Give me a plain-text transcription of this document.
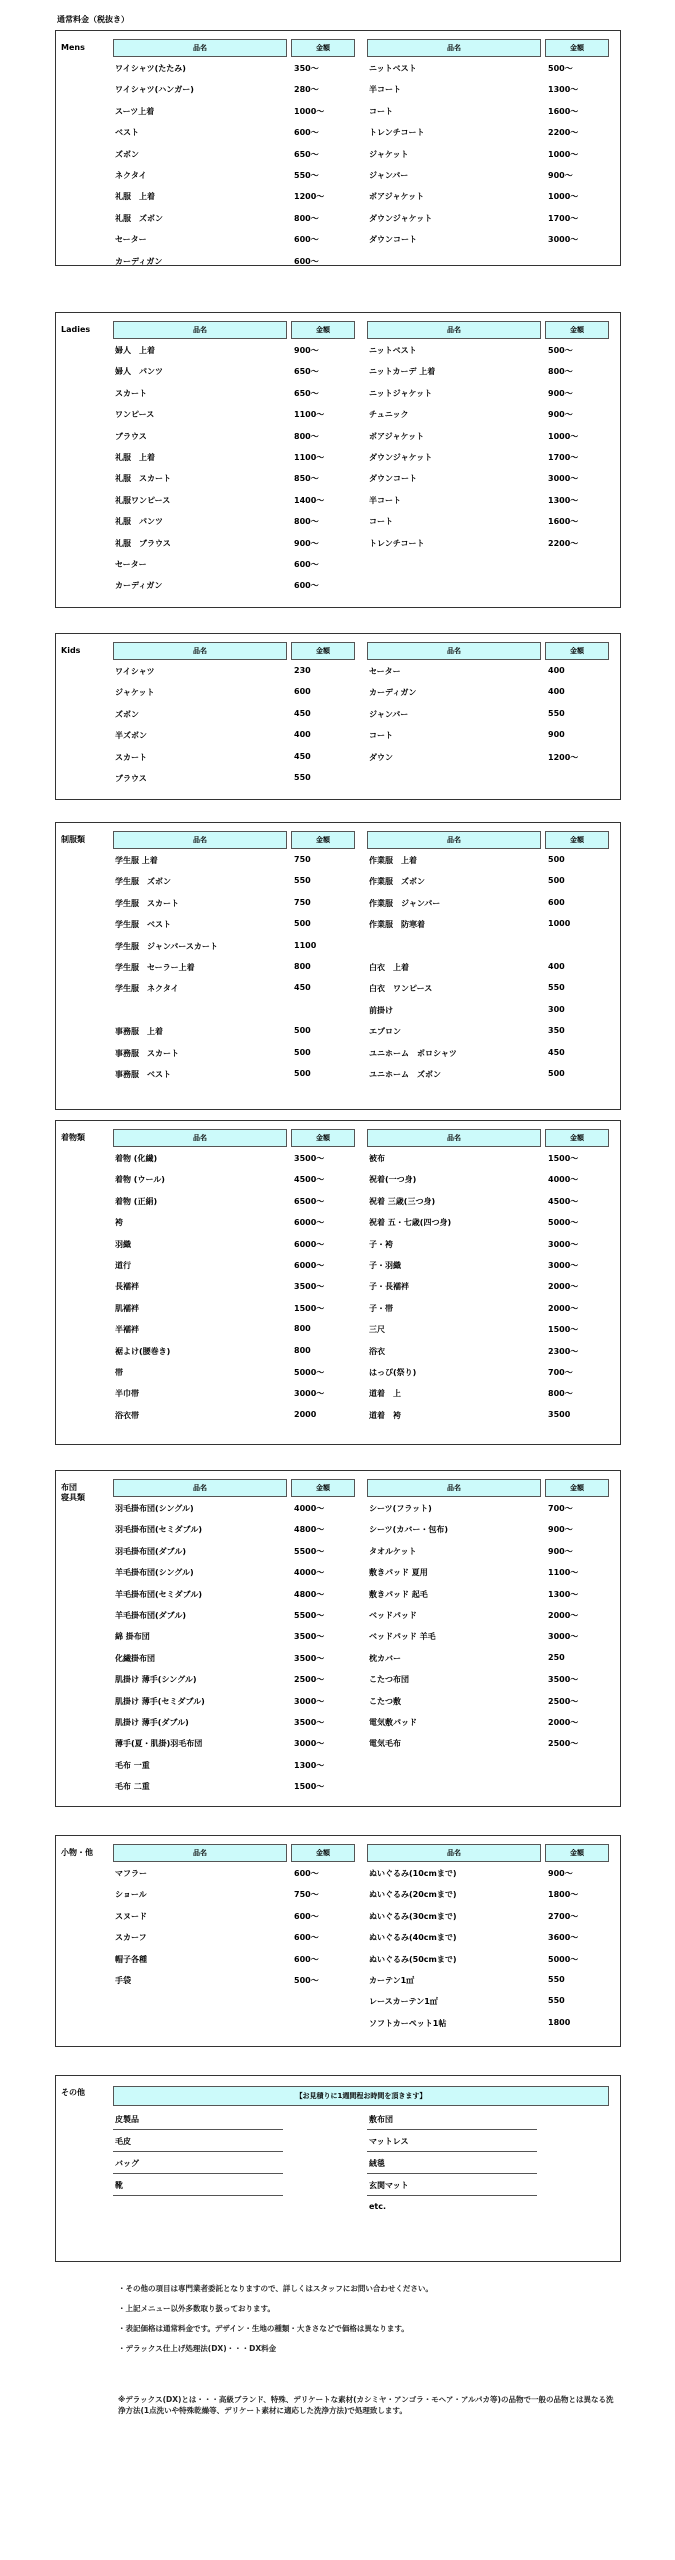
通常料金（税抜き）
Mens	品名	金額
ワイシャツ(たたみ)	350～
ワイシャツ(ハンガー)	280～
スーツ上着	1000～
ベスト	600～
ズボン	650～
ネクタイ	550～
礼服　上着	1200～
礼服　ズボン	800～
セーター	600～
カーディガン	600～
品名	金額
ニットベスト	500～
半コート	1300～
コート	1600～
トレンチコート	2200～
ジャケット	1000～
ジャンパー	900～
ボアジャケット	1000～
ダウンジャケット	1700～
ダウンコート	3000～
Ladies	品名	金額
婦人　上着	900～
婦人　パンツ	650～
スカート	650～
ワンピース	1100～
ブラウス	800～
礼服　上着	1100～
礼服　スカート	850～
礼服ワンピース	1400～
礼服　パンツ	800～
礼服　ブラウス	900～
セーター	600～
カーディガン	600～
品名	金額
ニットベスト	500～
ニットカーデ 上着	800～
ニットジャケット	900～
チュニック	900～
ボアジャケット	1000～
ダウンジャケット	1700～
ダウンコート	3000～
半コート	1300～
コート	1600～
トレンチコート	2200～
Kids	品名	金額
ワイシャツ	230
ジャケット	600
ズボン	450
半ズボン	400
スカート	450
ブラウス	550
品名	金額
セーター	400
カーディガン	400
ジャンパー	550
コート	900
ダウン	1200～
制服類	品名	金額
学生服 上着	750
学生服　ズボン	550
学生服　スカート	750
学生服　ベスト	500
学生服　ジャンパースカート	1100
学生服　セーラー上着	800
学生服　ネクタイ	450
事務服　上着	500
事務服　スカート	500
事務服　ベスト	500
品名	金額
作業服　上着	500
作業服　ズボン	500
作業服　ジャンパー	600
作業服　防寒着	1000
白衣　上着	400
白衣　ワンピース	550
前掛け	300
エプロン	350
ユニホーム　ポロシャツ	450
ユニホーム　ズボン	500
着物類	品名	金額
着物 (化繊)	3500～
着物 (ウール)	4500～
着物 (正絹)	6500～
袴	6000～
羽織	6000～
道行	6000～
長襦袢	3500～
肌襦袢	1500～
半襦袢	800
裾よけ(腰巻き)	800
帯	5000～
半巾帯	3000～
浴衣帯	2000
品名	金額
被布	1500～
祝着(一つ身)	4000～
祝着 三歳(三つ身)	4500～
祝着 五・七歳(四つ身)	5000～
子・袴	3000～
子・羽織	3000～
子・長襦袢	2000～
子・帯	2000～
三尺	1500～
浴衣	2300～
はっぴ(祭り)	700～
道着　上	800～
道着　袴	3500
布団
寝具類
品名	金額
羽毛掛布団(シングル)	4000～
羽毛掛布団(セミダブル)	4800～
羽毛掛布団(ダブル)	5500～
羊毛掛布団(シングル)	4000～
羊毛掛布団(セミダブル)	4800～
羊毛掛布団(ダブル)	5500～
綿 掛布団	3500～
化繊掛布団	3500～
肌掛け 薄手(シングル)	2500～
肌掛け 薄手(セミダブル)	3000～
肌掛け 薄手(ダブル)	3500～
薄手(夏・肌掛)羽毛布団	3000～
毛布 一重	1300～
毛布 二重	1500～
品名	金額
シーツ(フラット)	700～
シーツ(カバー・包布)	900～
タオルケット	900～
敷きパッド 夏用	1100～
敷きパッド 起毛	1300～
ベッドパッド	2000～
ベッドパッド 羊毛	3000～
枕カバー	250
こたつ布団	3500～
こたつ敷	2500～
電気敷パッド	2000～
電気毛布	2500～
小物・他	品名	金額
マフラー	600～
ショール	750～
スヌード	600～
スカーフ	600～
帽子各種	600～
手袋	500～
品名	金額
ぬいぐるみ(10cmまで)	900～
ぬいぐるみ(20cmまで)	1800～
ぬいぐるみ(30cmまで)	2700～
ぬいぐるみ(40cmまで)	3600～
ぬいぐるみ(50cmまで)	5000～
カーテン1㎡	550
レースカーテン1㎡	550
ソフトカーペット1帖	1800
その他	【お見積りに1週間程お時間を頂きます】
皮製品
毛皮
バッグ
靴
敷布団
マットレス
絨毯
玄関マット
etc.
・その他の項目は専門業者委託となりますので、詳しくはスタッフにお問い合わせください。
・上記メニュー以外多数取り扱っております。
・表記価格は通常料金です。デザイン・生地の種類・大きさなどで価格は異なります。
・デラックス仕上げ処理法(DX)・・・DX料金
※デラックス(DX)とは・・・高級ブランド、特殊、デリケートな素材(カシミヤ・アンゴラ・モヘア・アルパカ等)の品物で一般の品物とは異なる洗浄方法(1点洗いや特殊乾燥等、デリケート素材に適応した洗浄方法)で処理致します。
